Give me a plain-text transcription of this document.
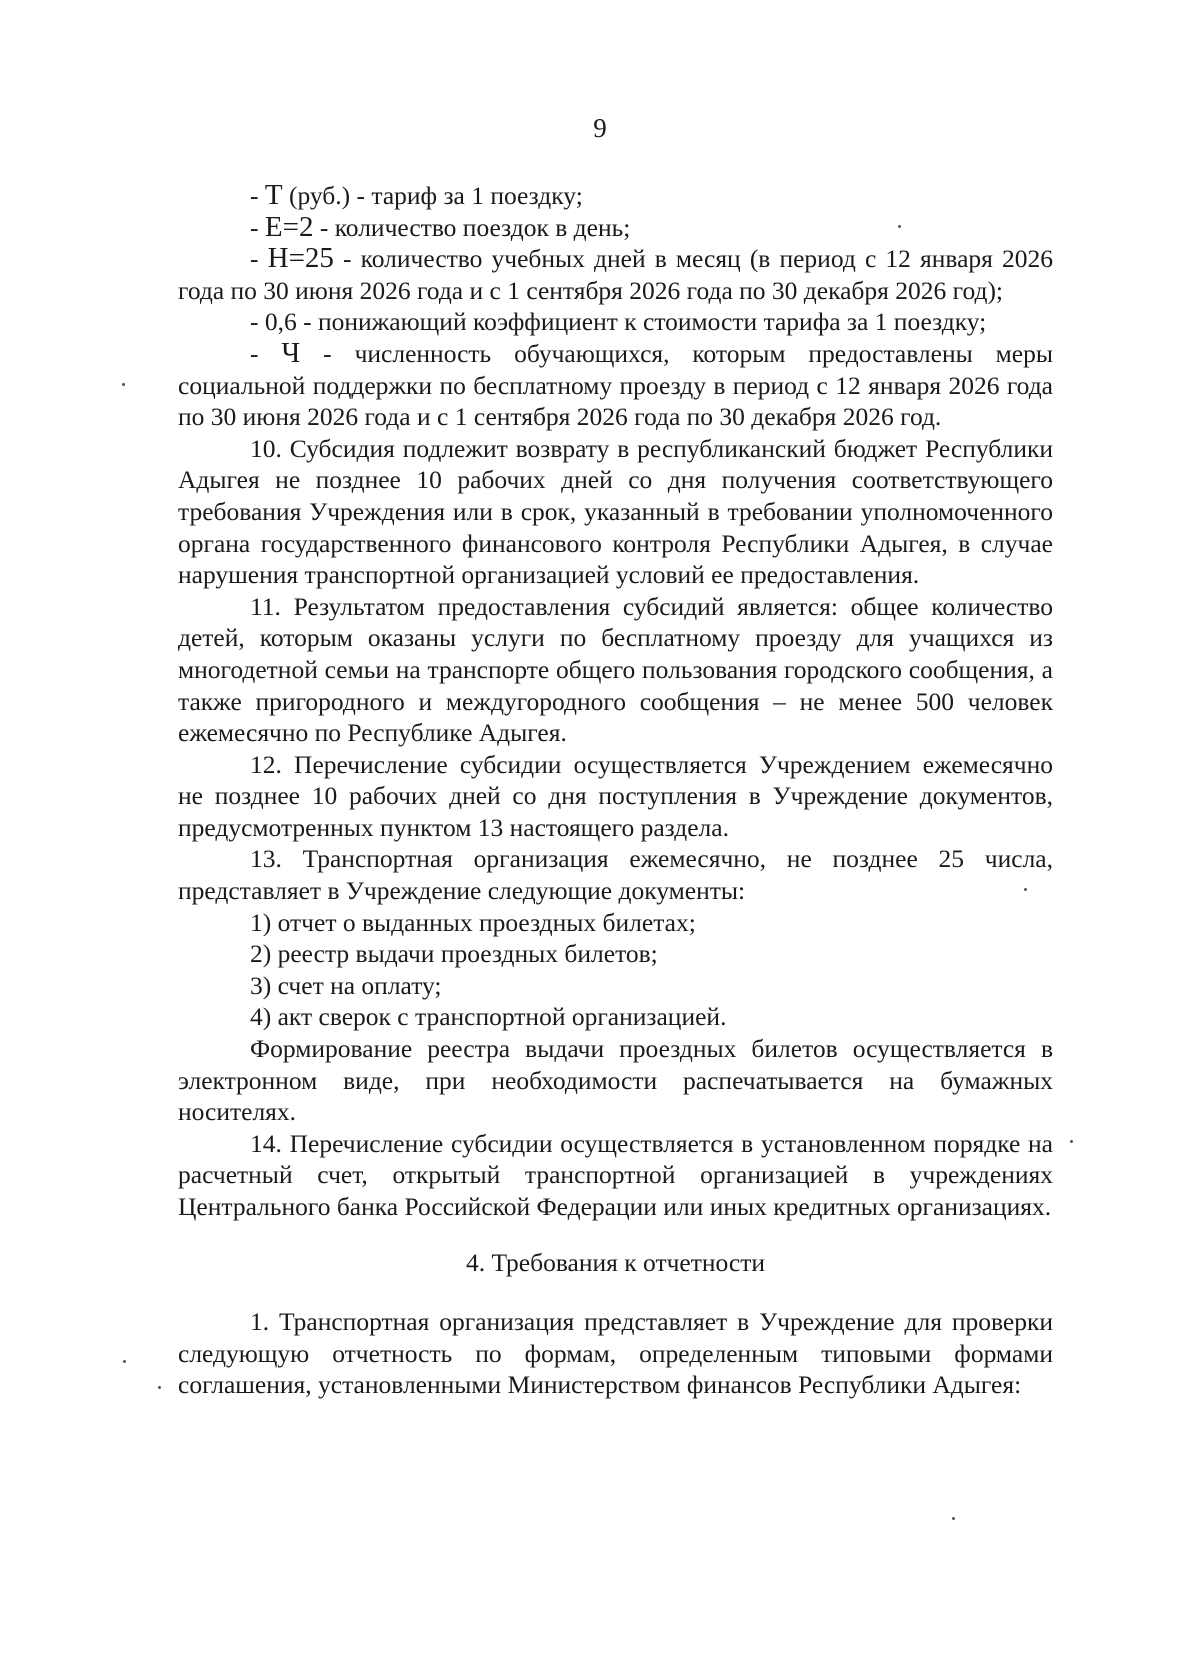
9

- Т (руб.) - тариф за 1 поездку;

- Е=2 - количество поездок в день;

- Н=25 - количество учебных дней в месяц (в период с 12 января 2026 года по 30 июня 2026 года и с 1 сентября 2026 года по 30 декабря 2026 год);

- 0,6 - понижающий коэффициент к стоимости тарифа за 1 поездку;

- Ч - численность обучающихся, которым предоставлены меры социальной поддержки по бесплатному проезду в период с 12 января 2026 года по 30 июня 2026 года и с 1 сентября 2026 года по 30 декабря 2026 год.

10. Субсидия подлежит возврату в республиканский бюджет Республики Адыгея не позднее 10 рабочих дней со дня получения соответствующего требования Учреждения или в срок, указанный в требовании уполномоченного органа государственного финансового контроля Республики Адыгея, в случае нарушения транспортной организацией условий ее предоставления.

11. Результатом предоставления субсидий является: общее количество детей, которым оказаны услуги по бесплатному проезду для учащихся из многодетной семьи на транспорте общего пользования городского сообщения, а также пригородного и междугородного сообщения – не менее 500 человек ежемесячно по Республике Адыгея.

12. Перечисление субсидии осуществляется Учреждением ежемесячно не позднее 10 рабочих дней со дня поступления в Учреждение документов, предусмотренных пунктом 13 настоящего раздела.

13. Транспортная организация ежемесячно, не позднее 25 числа, представляет в Учреждение следующие документы:

1) отчет о выданных проездных билетах;

2) реестр выдачи проездных билетов;

3) счет на оплату;

4) акт сверок с транспортной организацией.

Формирование реестра выдачи проездных билетов осуществляется в электронном виде, при необходимости распечатывается на бумажных носителях.

14. Перечисление субсидии осуществляется в установленном порядке на расчетный счет, открытый транспортной организацией в учреждениях Центрального банка Российской Федерации или иных кредитных организациях.

4. Требования к отчетности

1. Транспортная организация представляет в Учреждение для проверки следующую отчетность по формам, определенным типовыми формами соглашения, установленными Министерством финансов Республики Адыгея:
